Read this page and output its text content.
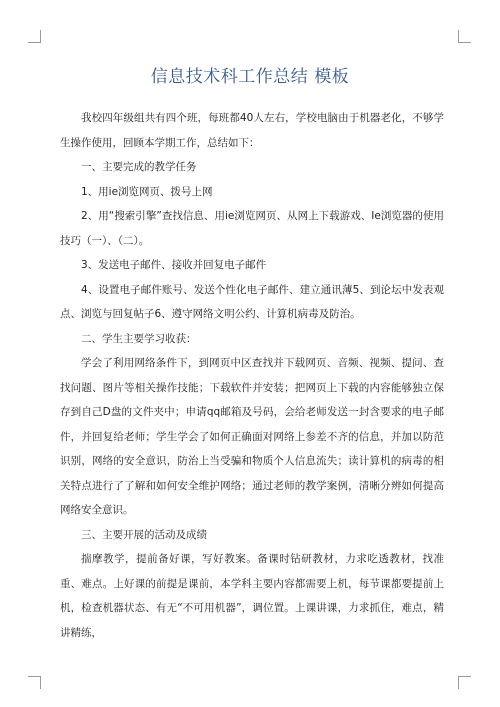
信息技术科工作总结 模板

我校四年级组共有四个班，每班都40人左右，学校电脑由于机器老化，不够学生操作使用，回顾本学期工作，总结如下：

一、主要完成的教学任务

1、用ie浏览网页、拨号上网

2、用“搜索引擎”查找信息、用ie浏览网页、从网上下载游戏、Ie浏览器的使用技巧（一）、（二）。

3、发送电子邮件、接收并回复电子邮件

4、设置电子邮件账号、发送个性化电子邮件、建立通讯薄5、到论坛中发表观点、浏览与回复帖子6、遵守网络文明公约、计算机病毒及防治。

二、学生主要学习收获：

学会了利用网络条件下，到网页中区查找并下载网页、音频、视频、提问、查找问题、图片等相关操作技能；下载软件并安装；把网页上下载的内容能够独立保存到自己D盘的文件夹中；申请qq邮箱及号码，会给老师发送一封含要求的电子邮件，并回复给老师；学生学会了如何正确面对网络上参差不齐的信息，并加以防范识别，网络的安全意识，防治上当受骗和物质个人信息流失；读计算机的病毒的相关特点进行了了解和如何安全维护网络；通过老师的教学案例，清晰分辨如何提高网络安全意识。

三、主要开展的活动及成绩

揣摩教学，提前备好课，写好教案。备课时钻研教材，力求吃透教材，找准重、难点。上好课的前提是课前，本学科主要内容都需要上机，每节课都要提前上机，检查机器状态、有无“不可用机器”，调位置。上课讲课，力求抓住，难点，精讲精练，
